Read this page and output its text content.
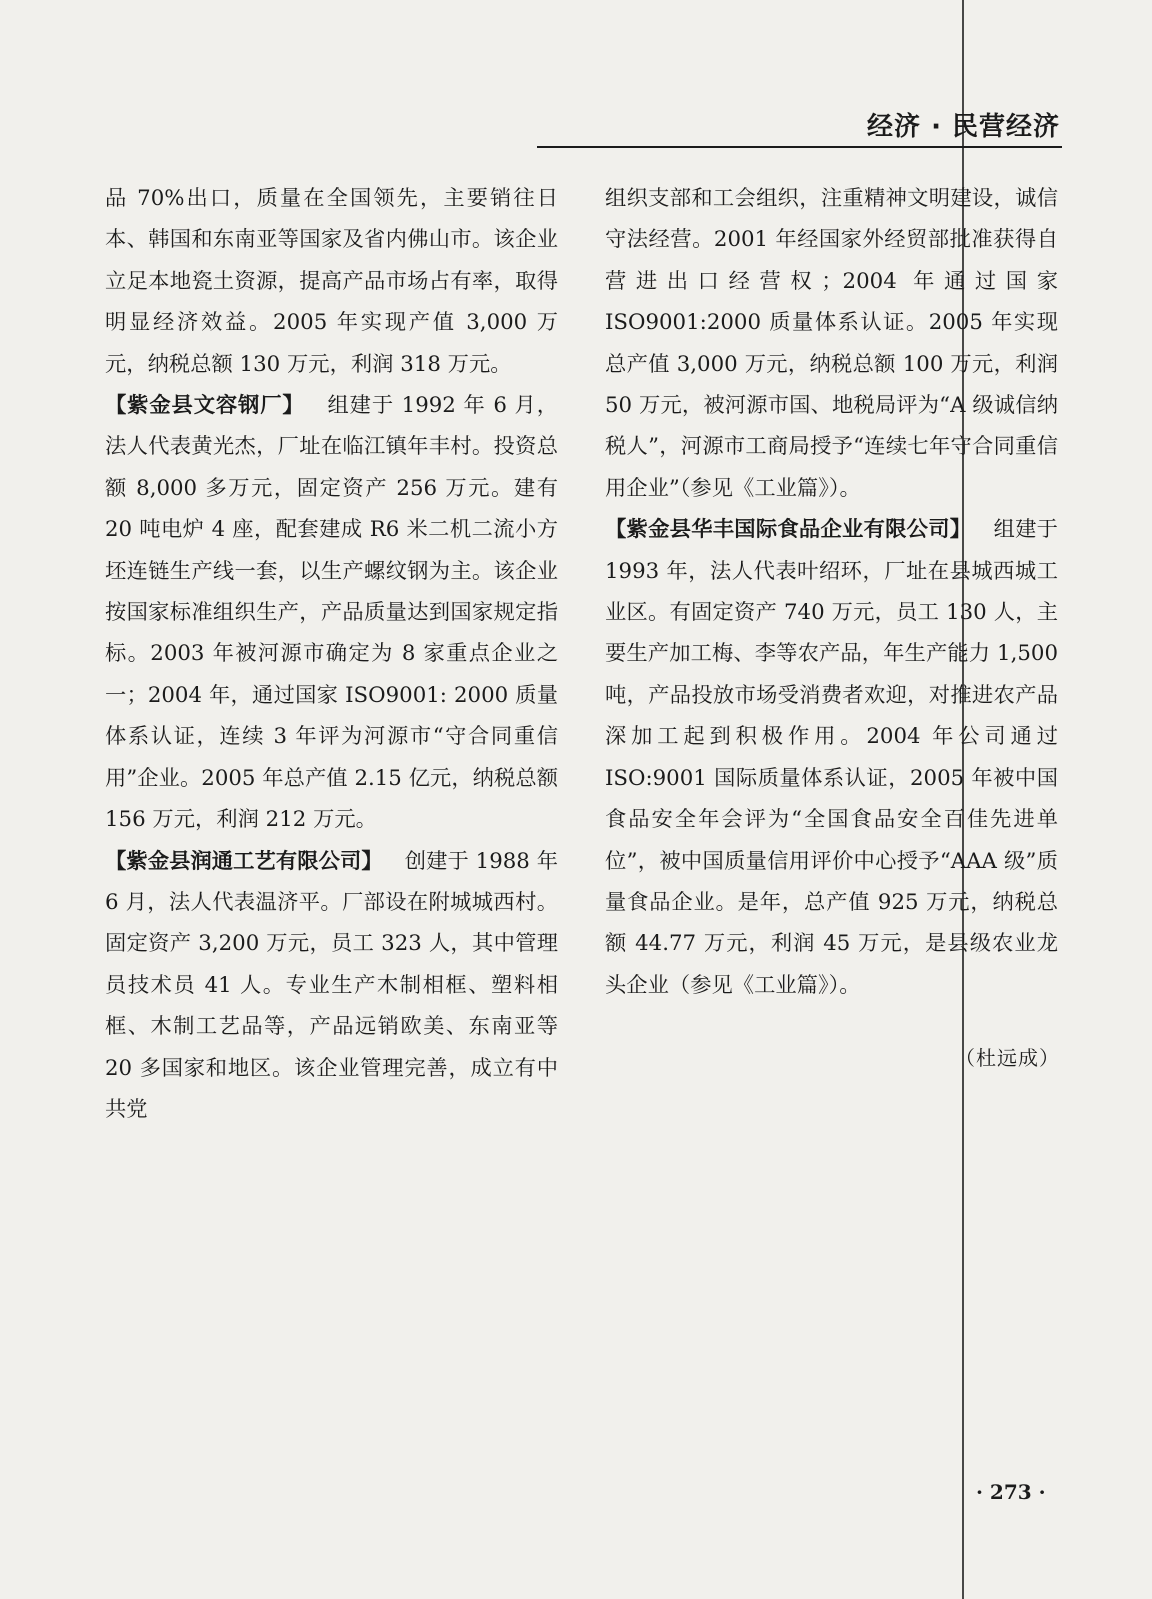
经济 · 民营经济

品 70%出口，质量在全国领先，主要销往日本、韩国和东南亚等国家及省内佛山市。该企业立足本地瓷土资源，提高产品市场占有率，取得明显经济效益。2005 年实现产值 3,000 万元，纳税总额 130 万元，利润 318 万元。

【紫金县文容钢厂】 组建于 1992 年 6 月，法人代表黄光杰，厂址在临江镇年丰村。投资总额 8,000 多万元，固定资产 256 万元。建有 20 吨电炉 4 座，配套建成 R6 米二机二流小方坯连链生产线一套，以生产螺纹钢为主。该企业按国家标准组织生产，产品质量达到国家规定指标。2003 年被河源市确定为 8 家重点企业之一；2004 年，通过国家 ISO9001: 2000 质量体系认证，连续 3 年评为河源市“守合同重信用”企业。2005 年总产值 2.15 亿元，纳税总额 156 万元，利润 212 万元。

【紫金县润通工艺有限公司】 创建于 1988 年 6 月，法人代表温济平。厂部设在附城城西村。固定资产 3,200 万元，员工 323 人，其中管理员技术员 41 人。专业生产木制相框、塑料相框、木制工艺品等，产品远销欧美、东南亚等 20 多国家和地区。该企业管理完善，成立有中共党

组织支部和工会组织，注重精神文明建设，诚信守法经营。2001 年经国家外经贸部批准获得自营进出口经营权；2004 年通过国家 ISO9001:2000 质量体系认证。2005 年实现总产值 3,000 万元，纳税总额 100 万元，利润 50 万元，被河源市国、地税局评为“A 级诚信纳税人”，河源市工商局授予“连续七年守合同重信用企业”（参见《工业篇》）。

【紫金县华丰国际食品企业有限公司】 组建于 1993 年，法人代表叶绍环，厂址在县城西城工业区。有固定资产 740 万元，员工 130 人，主要生产加工梅、李等农产品，年生产能力 1,500 吨，产品投放市场受消费者欢迎，对推进农产品深加工起到积极作用。2004 年公司通过 ISO:9001 国际质量体系认证，2005 年被中国食品安全年会评为“全国食品安全百佳先进单位”，被中国质量信用评价中心授予“AAA 级”质量食品企业。是年，总产值 925 万元，纳税总额 44.77 万元，利润 45 万元，是县级农业龙头企业（参见《工业篇》）。

（杜远成）
· 273 ·
